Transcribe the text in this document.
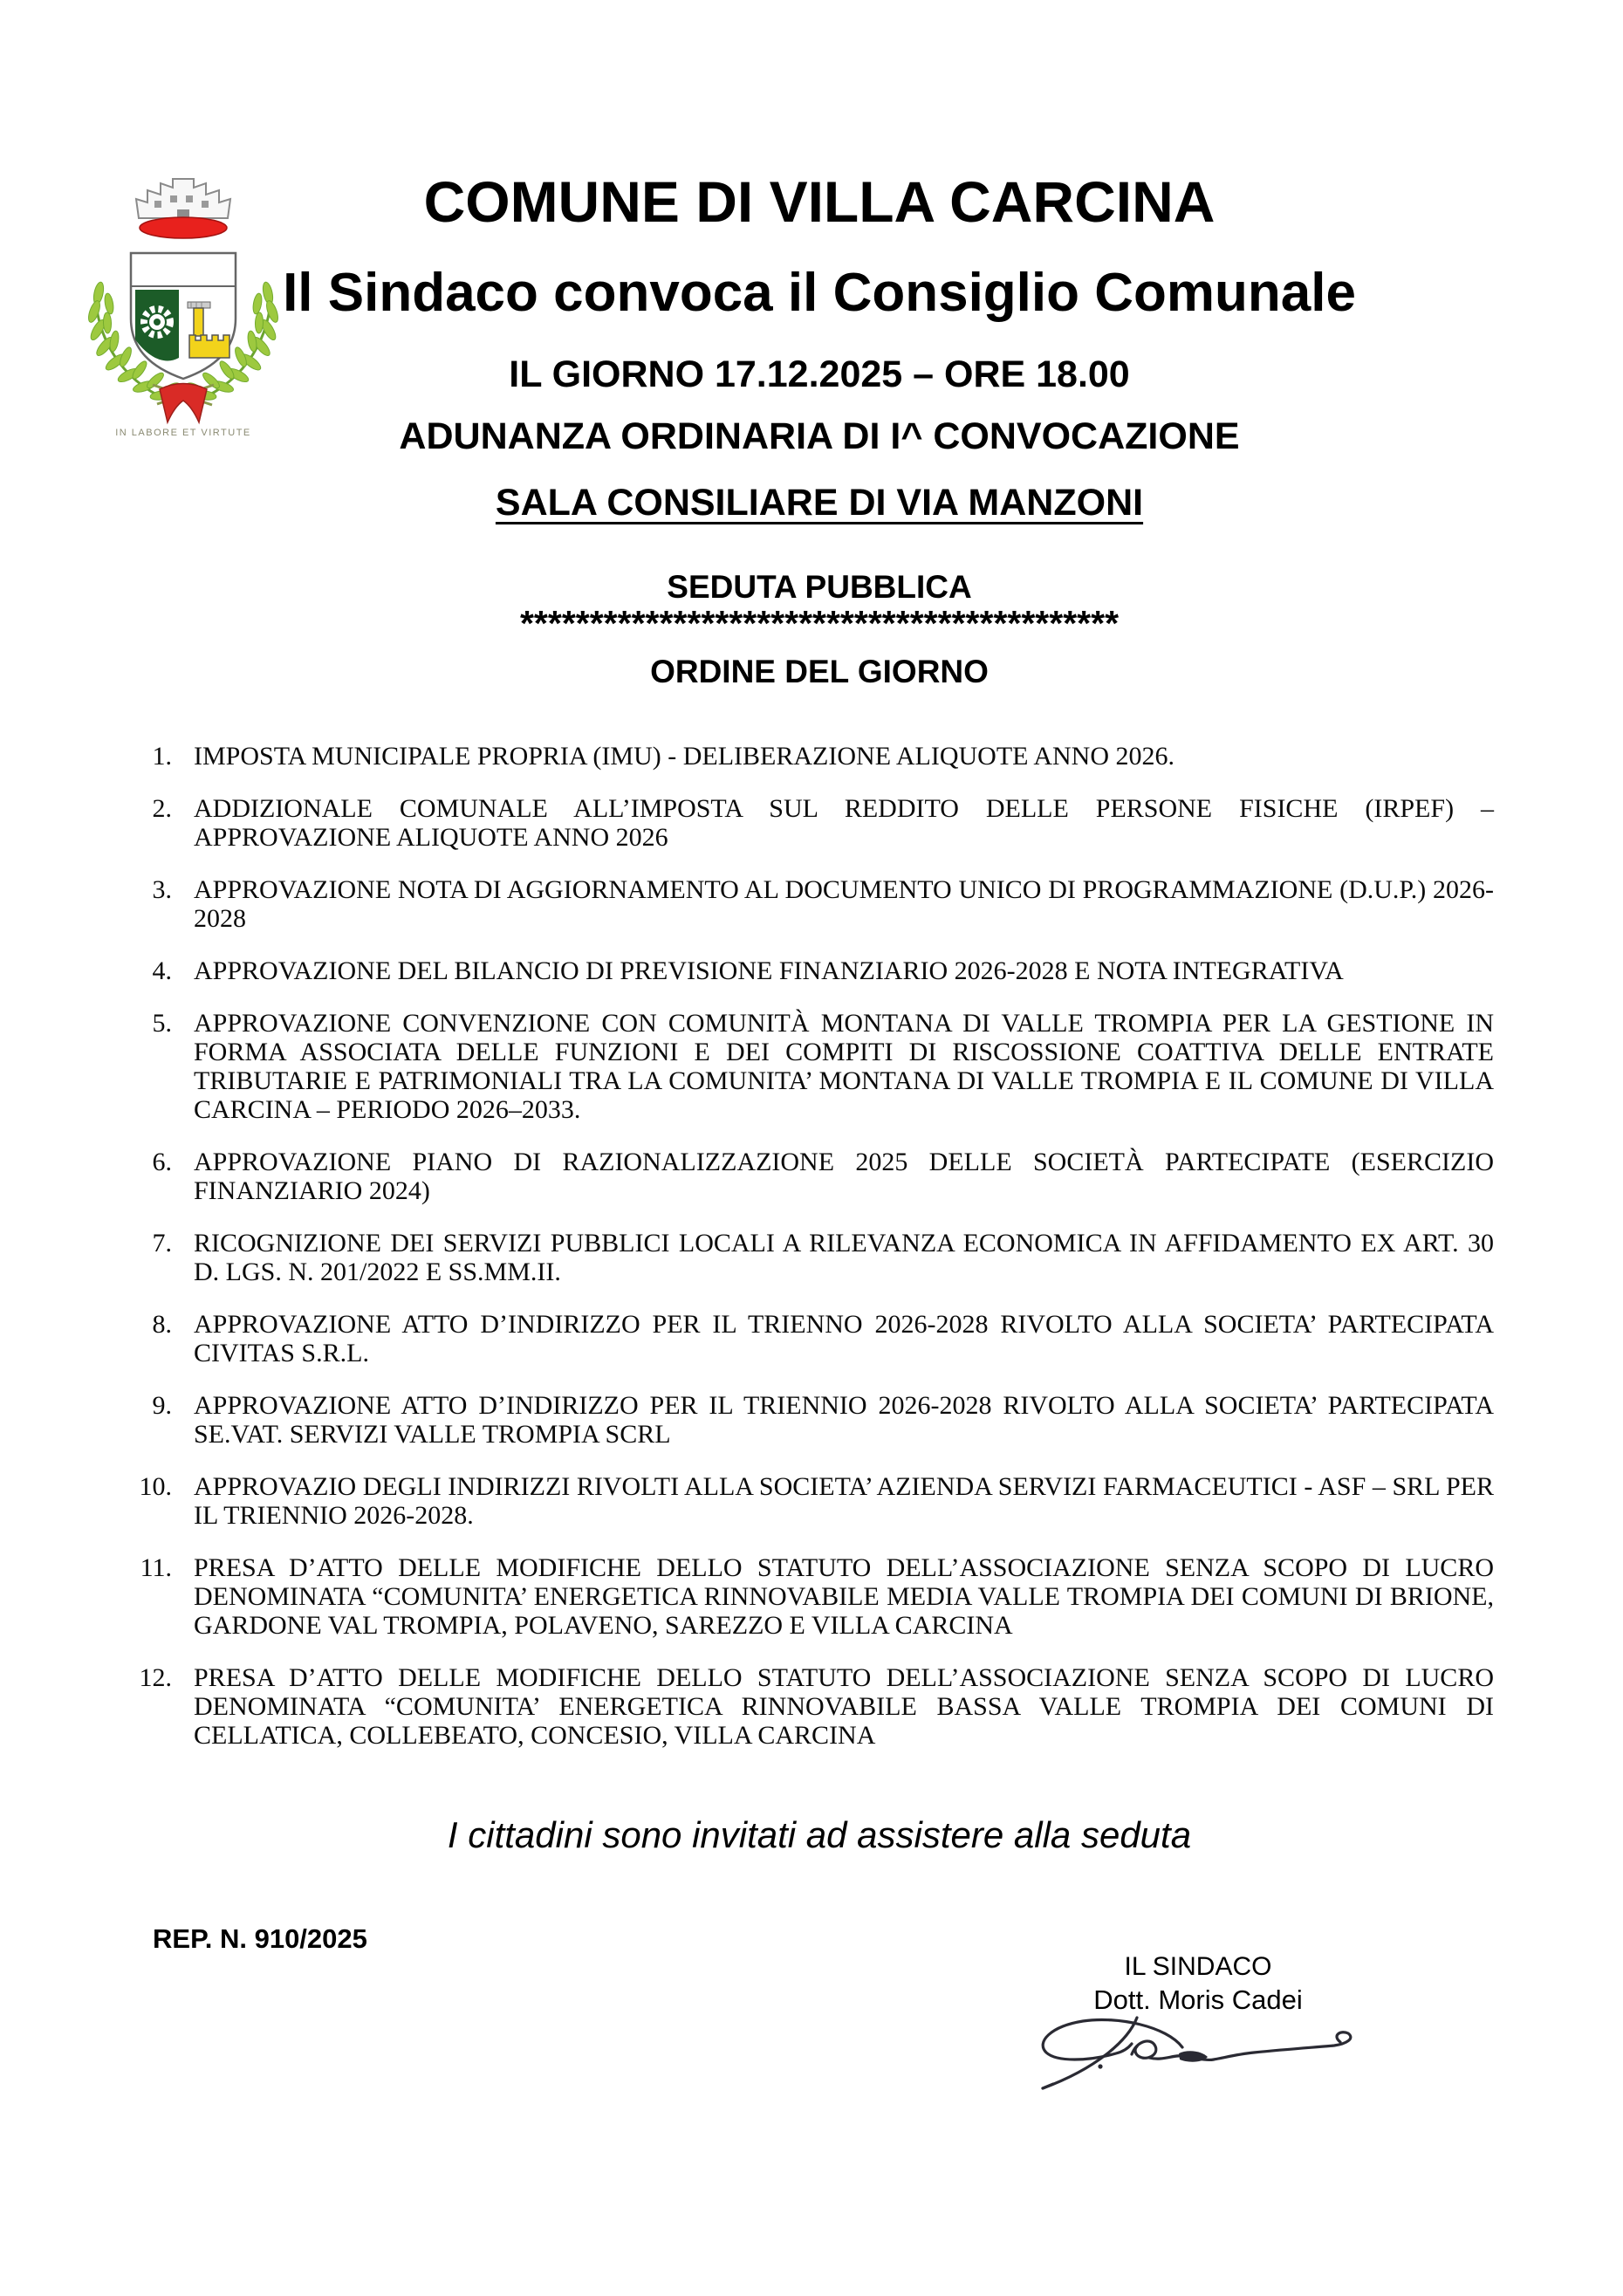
IN LABORE ET VIRTUTE
COMUNE DI VILLA CARCINA
Il Sindaco convoca il Consiglio Comunale
IL GIORNO 17.12.2025 – ORE 18.00
ADUNANZA ORDINARIA DI I^ CONVOCAZIONE
SALA CONSILIARE DI VIA MANZONI
SEDUTA PUBBLICA
*******************************************
ORDINE DEL GIORNO
1. IMPOSTA MUNICIPALE PROPRIA (IMU) - DELIBERAZIONE ALIQUOTE ANNO 2026.
2. ADDIZIONALE COMUNALE ALL’IMPOSTA SUL REDDITO DELLE PERSONE FISICHE (IRPEF) – APPROVAZIONE ALIQUOTE ANNO 2026
3. APPROVAZIONE NOTA DI AGGIORNAMENTO AL DOCUMENTO UNICO DI PROGRAMMAZIONE (D.U.P.) 2026-2028
4. APPROVAZIONE DEL BILANCIO DI PREVISIONE FINANZIARIO 2026-2028 E NOTA INTEGRATIVA
5. APPROVAZIONE CONVENZIONE CON COMUNITÀ MONTANA DI VALLE TROMPIA PER LA GESTIONE IN FORMA ASSOCIATA DELLE FUNZIONI E DEI COMPITI DI RISCOSSIONE COATTIVA DELLE ENTRATE TRIBUTARIE E PATRIMONIALI TRA LA COMUNITA’ MONTANA DI VALLE TROMPIA E IL COMUNE DI VILLA CARCINA – PERIODO 2026–2033.
6. APPROVAZIONE PIANO DI RAZIONALIZZAZIONE 2025 DELLE SOCIETÀ PARTECIPATE (ESERCIZIO FINANZIARIO 2024)
7. RICOGNIZIONE DEI SERVIZI PUBBLICI LOCALI A RILEVANZA ECONOMICA IN AFFIDAMENTO EX ART. 30 D. LGS. N. 201/2022 E SS.MM.II.
8. APPROVAZIONE ATTO D’INDIRIZZO PER IL TRIENNO 2026-2028 RIVOLTO ALLA SOCIETA’ PARTECIPATA CIVITAS S.R.L.
9. APPROVAZIONE ATTO D’INDIRIZZO PER IL TRIENNIO 2026-2028 RIVOLTO ALLA SOCIETA’ PARTECIPATA SE.VAT. SERVIZI VALLE TROMPIA SCRL
10. APPROVAZIO DEGLI INDIRIZZI RIVOLTI ALLA SOCIETA’ AZIENDA SERVIZI FARMACEUTICI - ASF – SRL PER IL TRIENNIO 2026-2028.
11. PRESA D’ATTO DELLE MODIFICHE DELLO STATUTO DELL’ASSOCIAZIONE SENZA SCOPO DI LUCRO DENOMINATA “COMUNITA’ ENERGETICA RINNOVABILE MEDIA VALLE TROMPIA DEI COMUNI DI BRIONE, GARDONE VAL TROMPIA, POLAVENO, SAREZZO E VILLA CARCINA
12. PRESA D’ATTO DELLE MODIFICHE DELLO STATUTO DELL’ASSOCIAZIONE SENZA SCOPO DI LUCRO DENOMINATA “COMUNITA’ ENERGETICA RINNOVABILE BASSA VALLE TROMPIA DEI COMUNI DI CELLATICA, COLLEBEATO, CONCESIO, VILLA CARCINA
I cittadini sono invitati ad assistere alla seduta
REP. N. 910/2025
IL SINDACO
Dott. Moris Cadei
